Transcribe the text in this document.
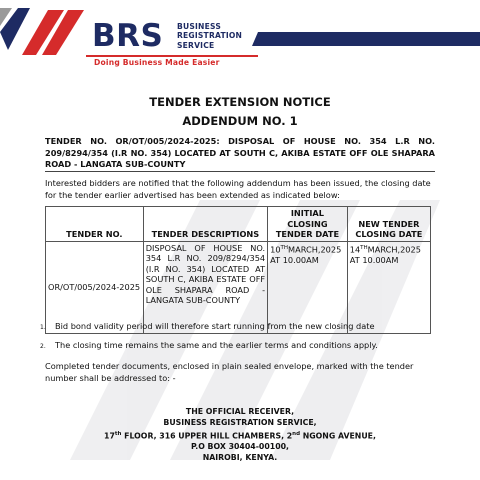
BRS BUSINESS
REGISTRATION
SERVICE
Doing Business Made Easier
TENDER EXTENSION NOTICE
ADDENDUM NO. 1
TENDER NO. OR/OT/005/2024-2025: DISPOSAL OF HOUSE NO. 354 L.R NO. 209/8294/354 (I.R NO. 354) LOCATED AT SOUTH C, AKIBA ESTATE OFF OLE SHAPARA ROAD - LANGATA SUB-COUNTY
Interested bidders are notified that the following addendum has been issued, the closing date for the tender earlier advertised has been extended as indicated below:
TENDER NO.	TENDER DESCRIPTIONS	INITIAL CLOSING TENDER DATE	NEW TENDER CLOSING DATE
OR/OT/005/2024-2025	DISPOSAL OF HOUSE NO. 354 L.R NO. 209/8294/354 (I.R NO. 354) LOCATED AT SOUTH C, AKIBA ESTATE OFF OLE SHAPARA ROAD - LANGATA SUB-COUNTY	10THMARCH,2025 AT 10.00AM	14THMARCH,2025 AT 10.00AM
1.	Bid bond validity period will therefore start running from the new closing date
2.	The closing time remains the same and the earlier terms and conditions apply.
Completed tender documents, enclosed in plain sealed envelope, marked with the tender number shall be addressed to: -
THE OFFICIAL RECEIVER,
BUSINESS REGISTRATION SERVICE,
17th FLOOR, 316 UPPER HILL CHAMBERS, 2nd NGONG AVENUE,
P.O BOX 30404-00100,
NAIROBI, KENYA.
